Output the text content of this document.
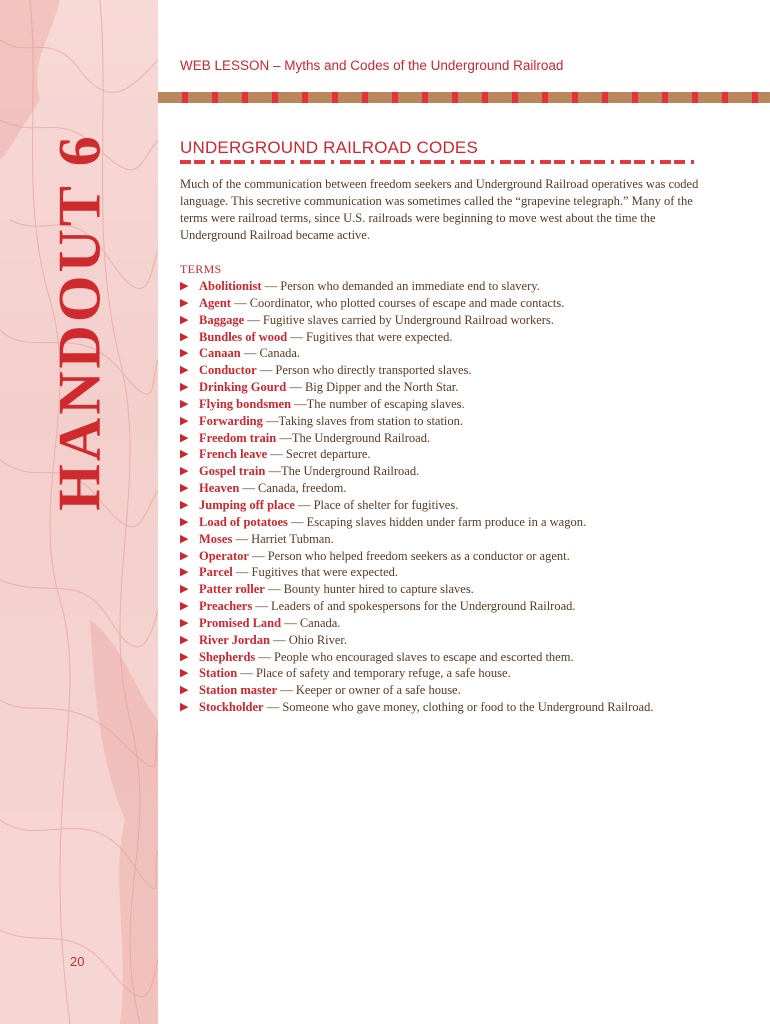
HANDOUT 6
20
WEB LESSON – Myths and Codes of the Underground Railroad
UNDERGROUND RAILROAD CODES
Much of the communication between freedom seekers and Underground Railroad operatives was coded language. This secretive communication was sometimes called the “grapevine telegraph.” Many of the terms were railroad terms, since U.S. railroads were beginning to move west about the time the Underground Railroad became active.
TERMS
▶ Abolitionist — Person who demanded an immediate end to slavery.
▶ Agent — Coordinator, who plotted courses of escape and made contacts.
▶ Baggage — Fugitive slaves carried by Underground Railroad workers.
▶ Bundles of wood — Fugitives that were expected.
▶ Canaan — Canada.
▶ Conductor — Person who directly transported slaves.
▶ Drinking Gourd — Big Dipper and the North Star.
▶ Flying bondsmen —The number of escaping slaves.
▶ Forwarding —Taking slaves from station to station.
▶ Freedom train —The Underground Railroad.
▶ French leave — Secret departure.
▶ Gospel train —The Underground Railroad.
▶ Heaven — Canada, freedom.
▶ Jumping off place — Place of shelter for fugitives.
▶ Load of potatoes — Escaping slaves hidden under farm produce in a wagon.
▶ Moses — Harriet Tubman.
▶ Operator — Person who helped freedom seekers as a conductor or agent.
▶ Parcel — Fugitives that were expected.
▶ Patter roller — Bounty hunter hired to capture slaves.
▶ Preachers — Leaders of and spokespersons for the Underground Railroad.
▶ Promised Land — Canada.
▶ River Jordan — Ohio River.
▶ Shepherds — People who encouraged slaves to escape and escorted them.
▶ Station — Place of safety and temporary refuge, a safe house.
▶ Station master — Keeper or owner of a safe house.
▶ Stockholder — Someone who gave money, clothing or food to the Underground Railroad.
